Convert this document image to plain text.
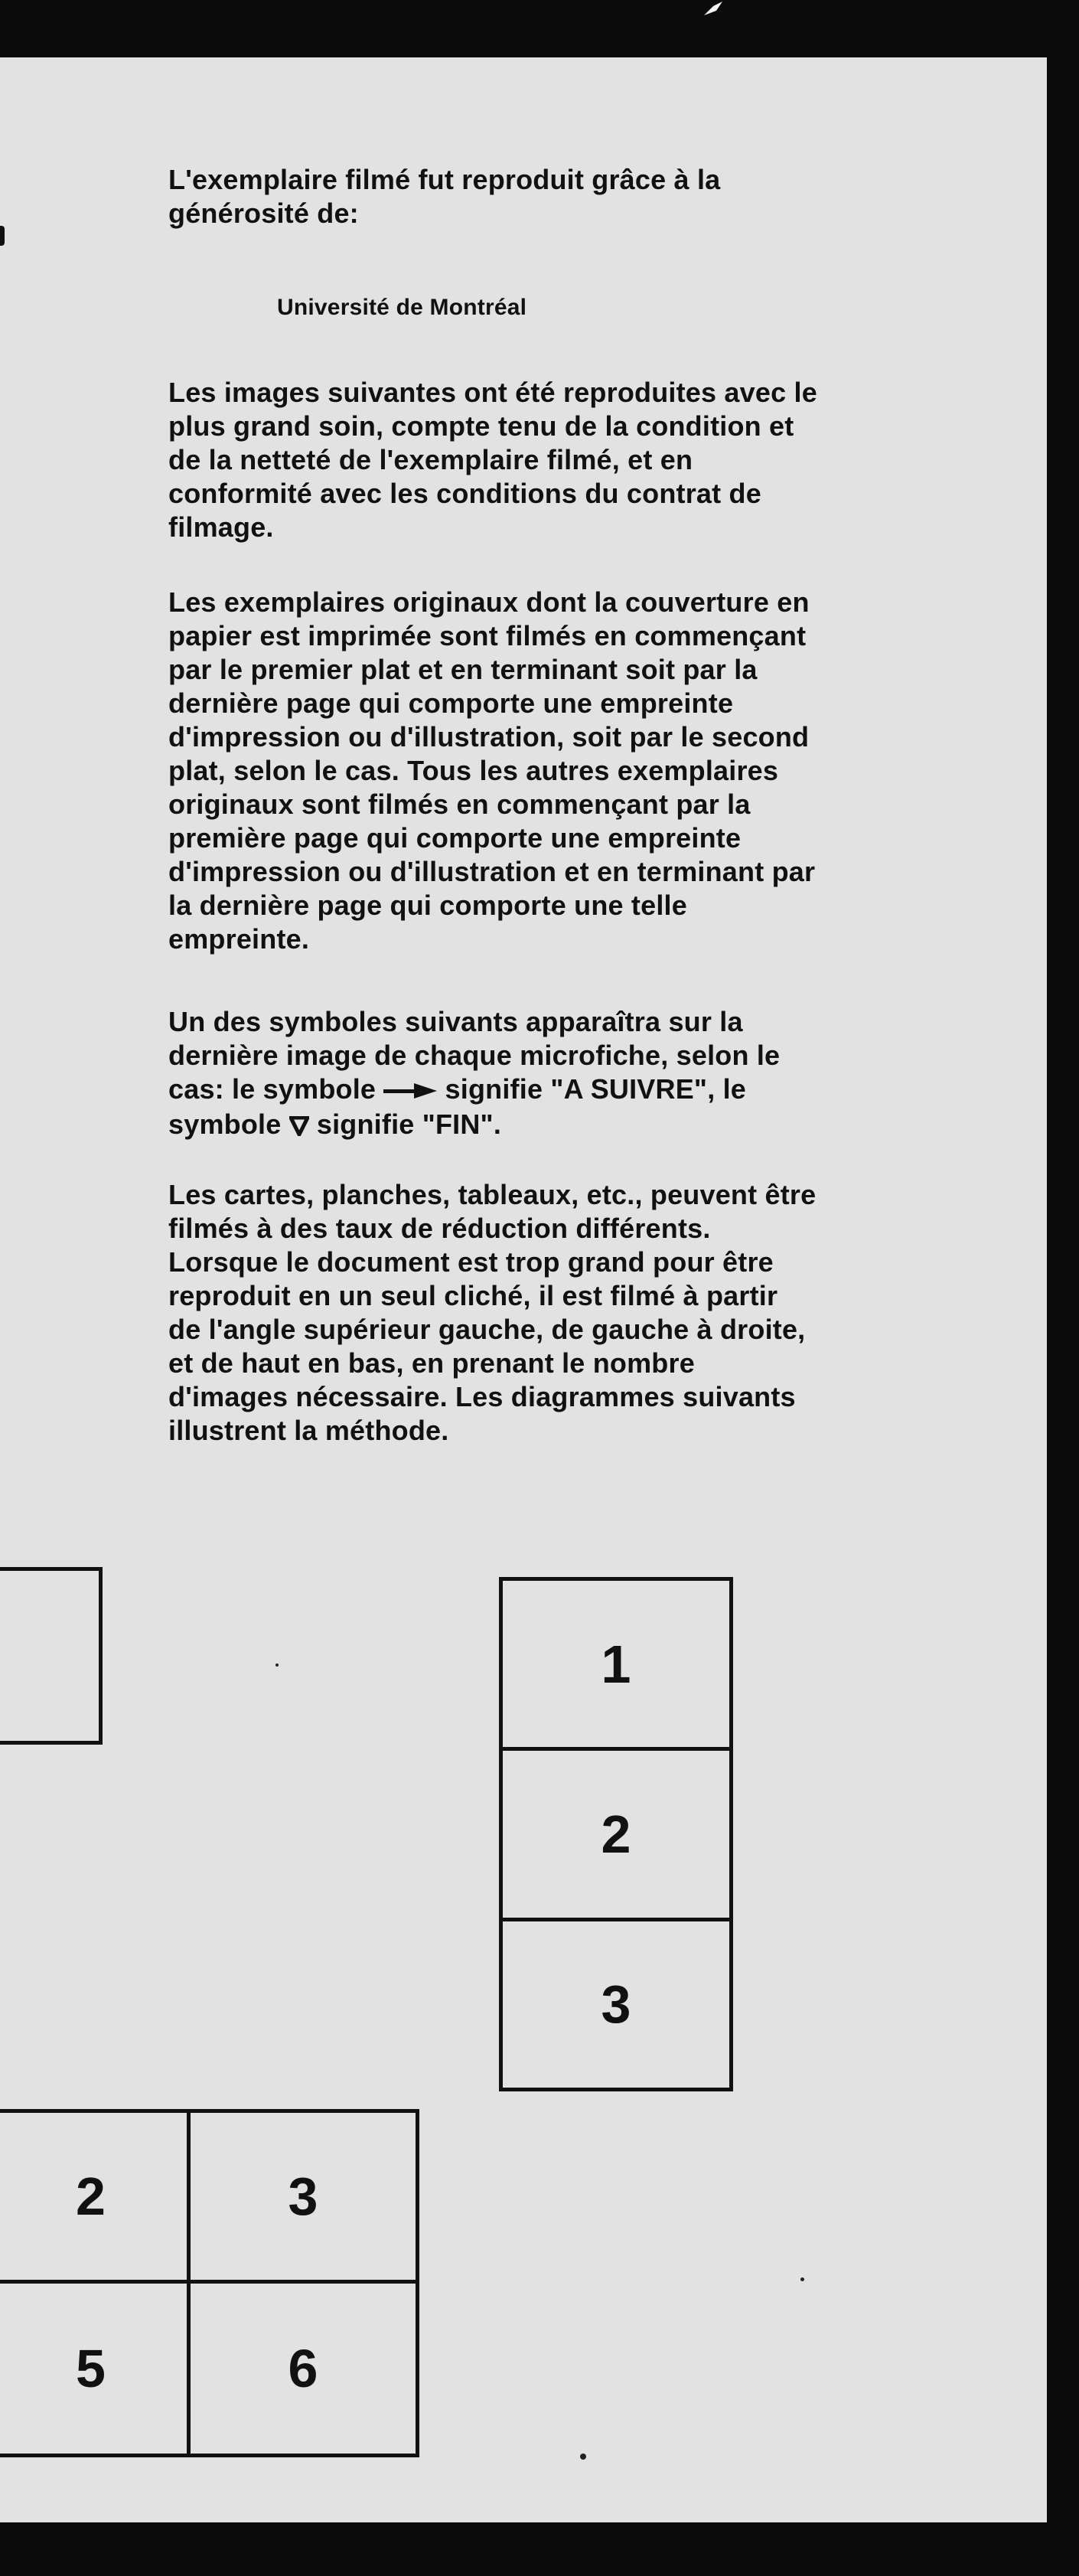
L'exemplaire filmé fut reproduit grâce à la
générosité de:

Université de Montréal

Les images suivantes ont été reproduites avec le
plus grand soin, compte tenu de la condition et
de la netteté de l'exemplaire filmé, et en
conformité avec les conditions du contrat de
filmage.

Les exemplaires originaux dont la couverture en
papier est imprimée sont filmés en commençant
par le premier plat et en terminant soit par la
dernière page qui comporte une empreinte
d'impression ou d'illustration, soit par le second
plat, selon le cas. Tous les autres exemplaires
originaux sont filmés en commençant par la
première page qui comporte une empreinte
d'impression ou d'illustration et en terminant par
la dernière page qui comporte une telle
empreinte.

Un des symboles suivants apparaîtra sur la
dernière image de chaque microfiche, selon le
cas: le symbole  signifie "A SUIVRE", le
symbole  signifie "FIN".

Les cartes, planches, tableaux, etc., peuvent être
filmés à des taux de réduction différents.
Lorsque le document est trop grand pour être
reproduit en un seul cliché, il est filmé à partir
de l'angle supérieur gauche, de gauche à droite,
et de haut en bas, en prenant le nombre
d'images nécessaire. Les diagrammes suivants
illustrent la méthode.

1
2
3
2	3
5	6
